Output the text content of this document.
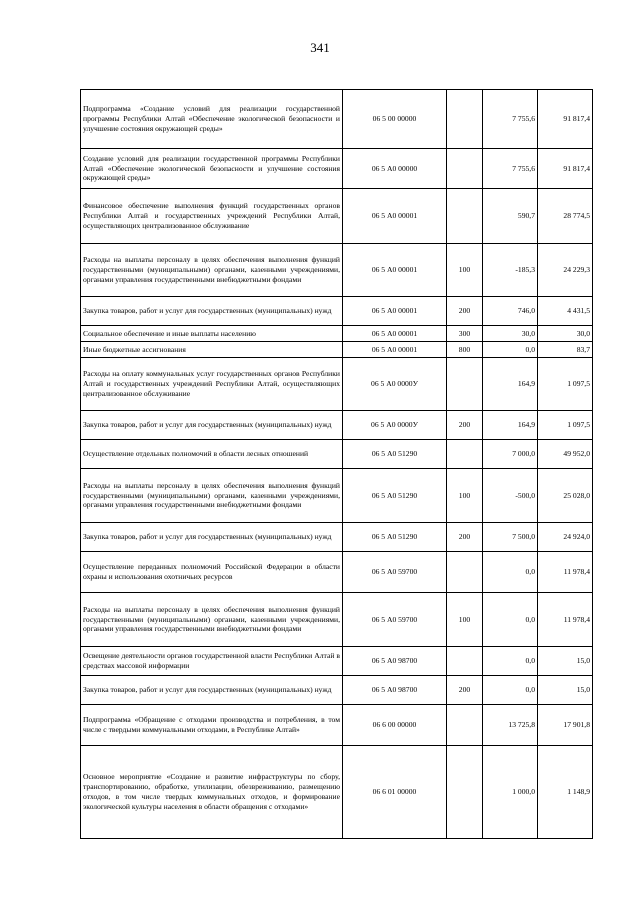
341
Подпрограмма «Создание условий для реализации государственной программы Республики Алтай «Обеспечение экологической безопасности и улучшение состояния окружающей среды»	06 5 00 00000		7 755,6	91 817,4
Создание условий для реализации государственной программы Республики Алтай «Обеспечение экологической безопасности и улучшение состояния окружающей среды»	06 5 А0 00000		7 755,6	91 817,4
Финансовое обеспечение выполнения функций государственных органов Республики Алтай и государственных учреждений Республики Алтай, осуществляющих централизованное обслуживание	06 5 А0 00001		590,7	28 774,5
Расходы на выплаты персоналу в целях обеспечения выполнения функций государственными (муниципальными) органами, казенными учреждениями, органами управления государственными внебюджетными фондами	06 5 А0 00001	100	-185,3	24 229,3
Закупка товаров, работ и услуг для государственных (муниципальных) нужд	06 5 А0 00001	200	746,0	4 431,5
Социальное обеспечение и иные выплаты населению	06 5 А0 00001	300	30,0	30,0
Иные бюджетные ассигнования	06 5 А0 00001	800	0,0	83,7
Расходы на оплату коммунальных услуг государственных органов Республики Алтай и государственных учреждений Республики Алтай, осуществляющих централизованное обслуживание	06 5 А0 0000У		164,9	1 097,5
Закупка товаров, работ и услуг для государственных (муниципальных) нужд	06 5 А0 0000У	200	164,9	1 097,5
Осуществление отдельных полномочий в области лесных отношений	06 5 А0 51290		7 000,0	49 952,0
Расходы на выплаты персоналу в целях обеспечения выполнения функций государственными (муниципальными) органами, казенными учреждениями, органами управления государственными внебюджетными фондами	06 5 А0 51290	100	-500,0	25 028,0
Закупка товаров, работ и услуг для государственных (муниципальных) нужд	06 5 А0 51290	200	7 500,0	24 924,0
Осуществление переданных полномочий Российской Федерации в области охраны и использования охотничьих ресурсов	06 5 А0 59700		0,0	11 978,4
Расходы на выплаты персоналу в целях обеспечения выполнения функций государственными (муниципальными) органами, казенными учреждениями, органами управления государственными внебюджетными фондами	06 5 А0 59700	100	0,0	11 978,4
Освещение деятельности органов государственной власти Республики Алтай в средствах массовой информации	06 5 А0 98700		0,0	15,0
Закупка товаров, работ и услуг для государственных (муниципальных) нужд	06 5 А0 98700	200	0,0	15,0
Подпрограмма «Обращение с отходами производства и потребления, в том числе с твердыми коммунальными отходами, в Республике Алтай»	06 6 00 00000		13 725,8	17 901,8
Основное мероприятие «Создание и развитие инфраструктуры по сбору, транспортированию, обработке, утилизации, обезвреживанию, размещению отходов, в том числе твердых коммунальных отходов, и формирование экологической культуры населения в области обращения с отходами»	06 6 01 00000		1 000,0	1 148,9
